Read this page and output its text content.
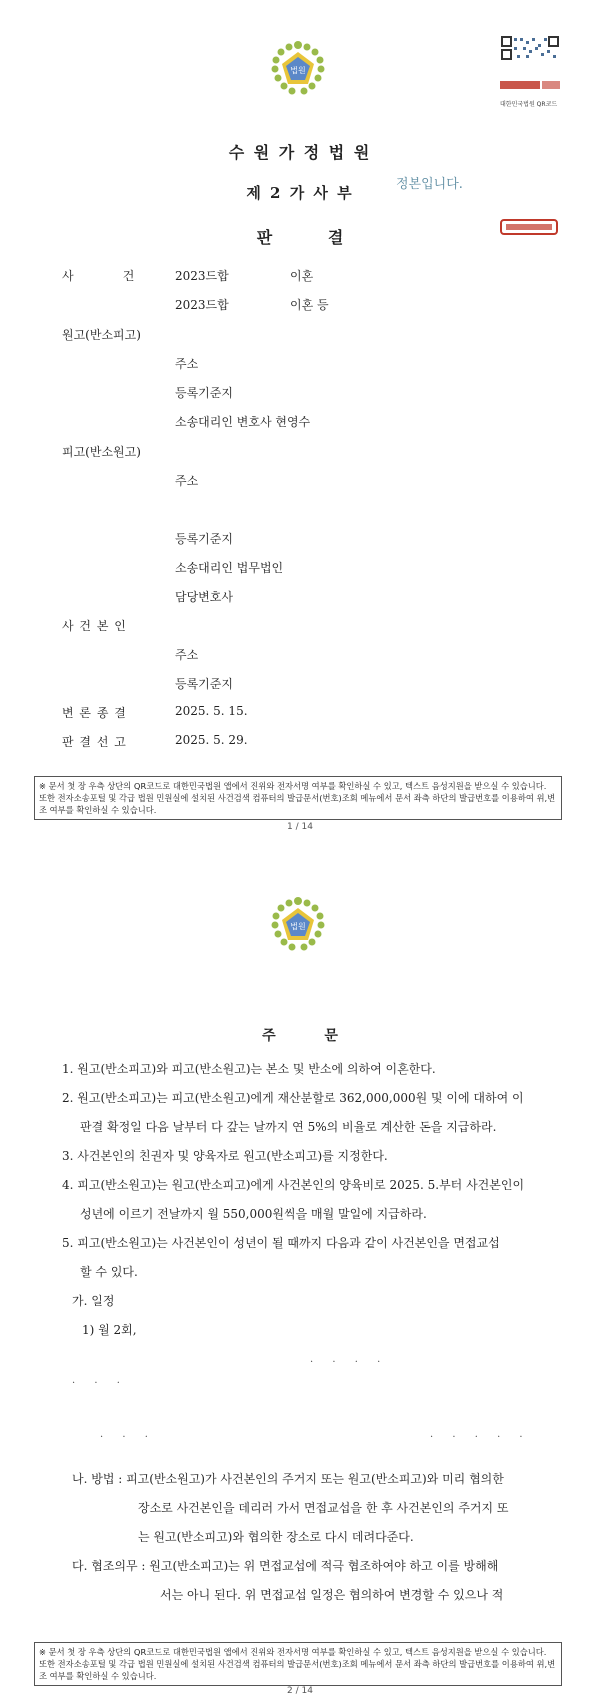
법원
대한민국법원 QR코드
수 원 가 정 법 원
제 2 가 사 부	정본입니다.
판          결
사          건	2023드합	이혼
2023드합	이혼 등
원고(반소피고)
주소
등록기준지
소송대리인 변호사 현영수
피고(반소원고)
주소
등록기준지
소송대리인 법무법인
담당변호사
사 건 본 인
주소
등록기준지
변 론 종 결	2025. 5. 15.
판 결 선 고	2025. 5. 29.
※ 문서 첫 장 우측 상단의 QR코드로 대한민국법원 앱에서 진위와 전자서명 여부를 확인하실 수 있고, 텍스트 음성지원을 받으실 수 있습니다. 또한 전자소송포털 및 각급 법원 민원실에 설치된 사건검색 컴퓨터의 발급문서(번호)조회 메뉴에서 문서 좌측 하단의 발급번호를 이용하여 위,변조 여부를 확인하실 수 있습니다.
1 / 14
법원
주          문
1. 원고(반소피고)와 피고(반소원고)는 본소 및 반소에 의하여 이혼한다.
2. 원고(반소피고)는 피고(반소원고)에게 재산분할로 362,000,000원 및 이에 대하여 이
판결 확정일 다음 날부터 다 갚는 날까지 연 5%의 비율로 계산한 돈을 지급하라.
3. 사건본인의 친권자 및 양육자로 원고(반소피고)를 지정한다.
4. 피고(반소원고)는 원고(반소피고)에게 사건본인의 양육비로 2025. 5.부터 사건본인이
성년에 이르기 전날까지 월 550,000원씩을 매월 말일에 지급하라.
5. 피고(반소원고)는 사건본인이 성년이 될 때까지 다음과 같이 사건본인을 면접교섭
할 수 있다.
가. 일정
1) 월 2회,
· · · ·
· · ·
· · ·	· · · · ·
나. 방법 : 피고(반소원고)가 사건본인의 주거지 또는 원고(반소피고)와 미리 협의한
장소로 사건본인을 데리러 가서 면접교섭을 한 후 사건본인의 주거지 또
는 원고(반소피고)와 협의한 장소로 다시 데려다준다.
다. 협조의무 : 원고(반소피고)는 위 면접교섭에 적극 협조하여야 하고 이를 방해해
서는 아니 된다. 위 면접교섭 일정은 협의하여 변경할 수 있으나 적
※ 문서 첫 장 우측 상단의 QR코드로 대한민국법원 앱에서 진위와 전자서명 여부를 확인하실 수 있고, 텍스트 음성지원을 받으실 수 있습니다. 또한 전자소송포털 및 각급 법원 민원실에 설치된 사건검색 컴퓨터의 발급문서(번호)조회 메뉴에서 문서 좌측 하단의 발급번호를 이용하여 위,변조 여부를 확인하실 수 있습니다.
2 / 14
